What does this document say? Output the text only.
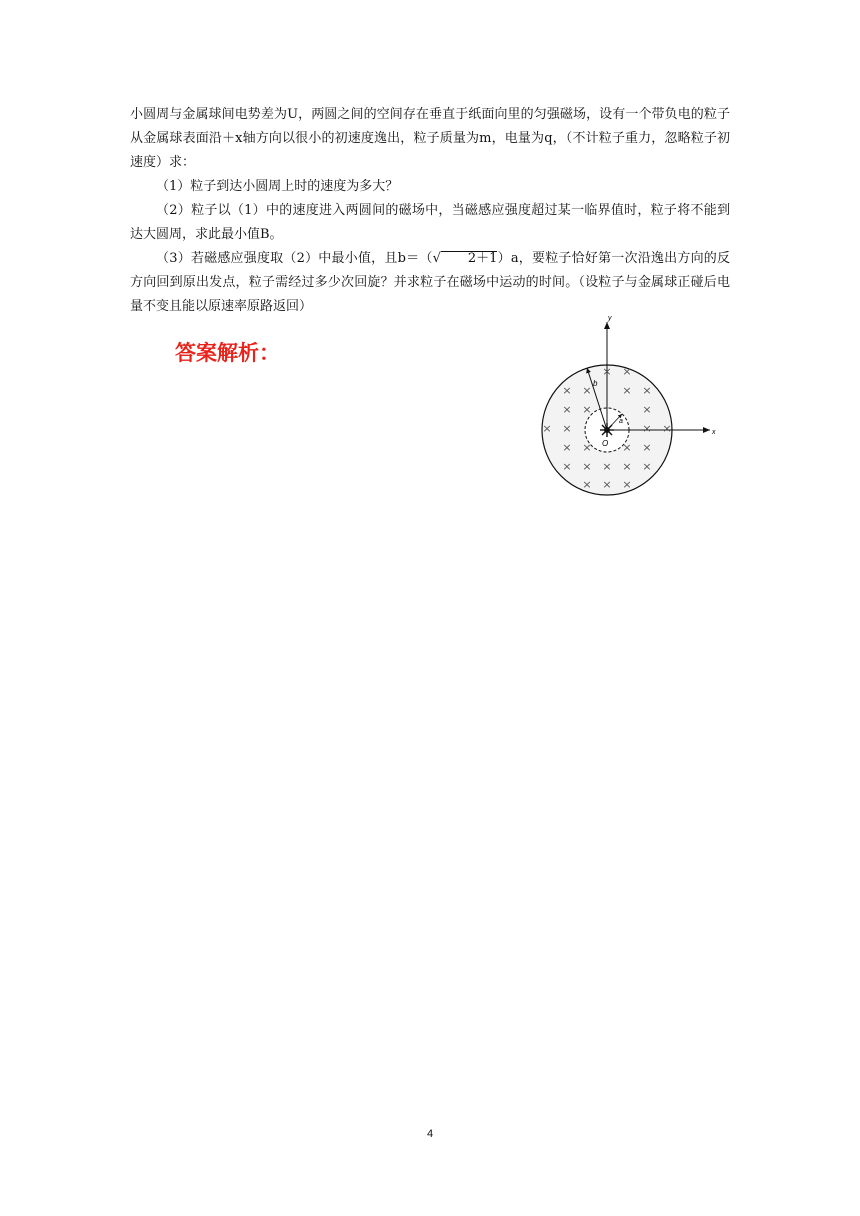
小圆周与金属球间电势差为U，两圆之间的空间存在垂直于纸面向里的匀强磁场，设有一个带负电的粒子从金属球表面沿＋x轴方向以很小的初速度逸出，粒子质量为m，电量为q，（不计粒子重力，忽略粒子初速度）求：

（1）粒子到达小圆周上时的速度为多大？

（2）粒子以（1）中的速度进入两圆间的磁场中，当磁感应强度超过某一临界值时，粒子将不能到达大圆周，求此最小值B。

（3）若磁感应强度取（2）中最小值，且b＝（√ 2＋1）a，要粒子恰好第一次沿逸出方向的反方向回到原出发点，粒子需经过多少次回旋？并求粒子在磁场中运动的时间。（设粒子与金属球正碰后电量不变且能以原速率原路返回）

答案解析：

x
y
× ×
× ×	× ×
× ×	×
× ×	× ×
× ×	× ×
× × × × ×
× × ×
b
a
O
4
